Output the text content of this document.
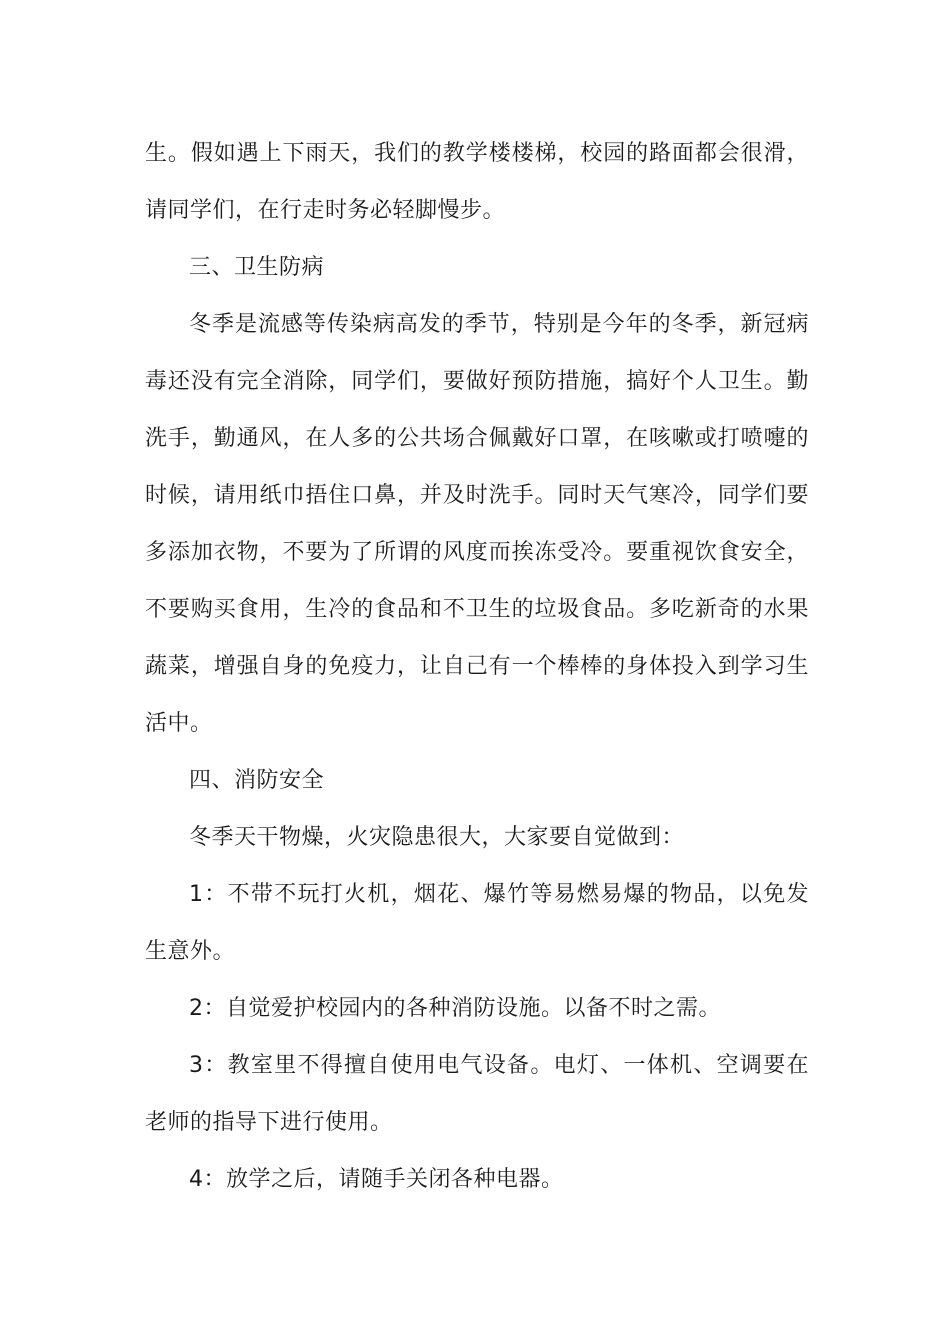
生。假如遇上下雨天，我们的教学楼楼梯，校园的路面都会很滑，请同学们，在行走时务必轻脚慢步。

三、卫生防病

冬季是流感等传染病高发的季节，特别是今年的冬季，新冠病毒还没有完全消除，同学们，要做好预防措施，搞好个人卫生。勤洗手，勤通风，在人多的公共场合佩戴好口罩，在咳嗽或打喷嚏的时候，请用纸巾捂住口鼻，并及时洗手。同时天气寒冷，同学们要多添加衣物，不要为了所谓的风度而挨冻受冷。要重视饮食安全，不要购买食用，生冷的食品和不卫生的垃圾食品。多吃新奇的水果蔬菜，增强自身的免疫力，让自己有一个棒棒的身体投入到学习生活中。

四、消防安全

冬季天干物燥，火灾隐患很大，大家要自觉做到：

1：不带不玩打火机，烟花、爆竹等易燃易爆的物品，以免发生意外。

2：自觉爱护校园内的各种消防设施。以备不时之需。

3：教室里不得擅自使用电气设备。电灯、一体机、空调要在老师的指导下进行使用。

4：放学之后，请随手关闭各种电器。
